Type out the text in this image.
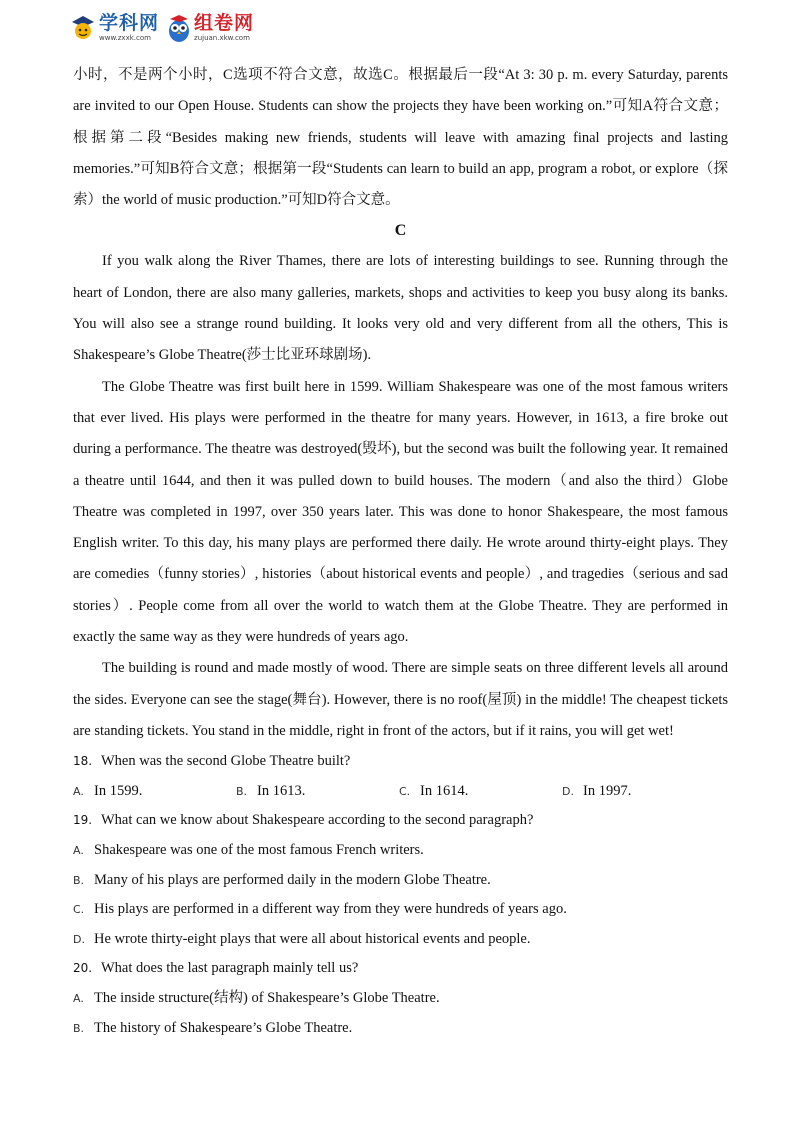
学科网
www.zxxk.com
组卷网
zujuan.xkw.com

小时，不是两个小时，C选项不符合文意，故选C。根据最后一段“At 3: 30 p. m. every Saturday, parents are invited to our Open House. Students can show the projects they have been working on.”可知A符合文意；根据第二段“Besides making new friends, students will leave with amazing final projects and lasting memories.”可知B符合文意；根据第一段“Students can learn to build an app, program a robot, or explore（探索）the world of music production.”可知D符合文意。

C

If you walk along the River Thames, there are lots of interesting buildings to see. Running through the heart of London, there are also many galleries, markets, shops and activities to keep you busy along its banks. You will also see a strange round building. It looks very old and very different from all the others, This is Shakespeare’s Globe Theatre(莎士比亚环球剧场).

The Globe Theatre was first built here in 1599. William Shakespeare was one of the most famous writers that ever lived. His plays were performed in the theatre for many years. However, in 1613, a fire broke out during a performance. The theatre was destroyed(毁坏), but the second was built the following year. It remained a theatre until 1644, and then it was pulled down to build houses. The modern（and also the third）Globe Theatre was completed in 1997, over 350 years later. This was done to honor Shakespeare, the most famous English writer. To this day, his many plays are performed there daily. He wrote around thirty-eight plays. They are comedies（funny stories）, histories（about historical events and people）, and tragedies（serious and sad stories）. People come from all over the world to watch them at the Globe Theatre. They are performed in exactly the same way as they were hundreds of years ago.

The building is round and made mostly of wood. There are simple seats on three different levels all around the sides. Everyone can see the stage(舞台). However, there is no roof(屋顶) in the middle! The cheapest tickets are standing tickets. You stand in the middle, right in front of the actors, but if it rains, you will get wet!

18. When was the second Globe Theatre built?
A. In 1599.	B. In 1613.	C. In 1614.	D. In 1997.
19. What can we know about Shakespeare according to the second paragraph?
A. Shakespeare was one of the most famous French writers.
B. Many of his plays are performed daily in the modern Globe Theatre.
C. His plays are performed in a different way from they were hundreds of years ago.
D. He wrote thirty-eight plays that were all about historical events and people.
20. What does the last paragraph mainly tell us?
A. The inside structure(结构) of Shakespeare’s Globe Theatre.
B. The history of Shakespeare’s Globe Theatre.
